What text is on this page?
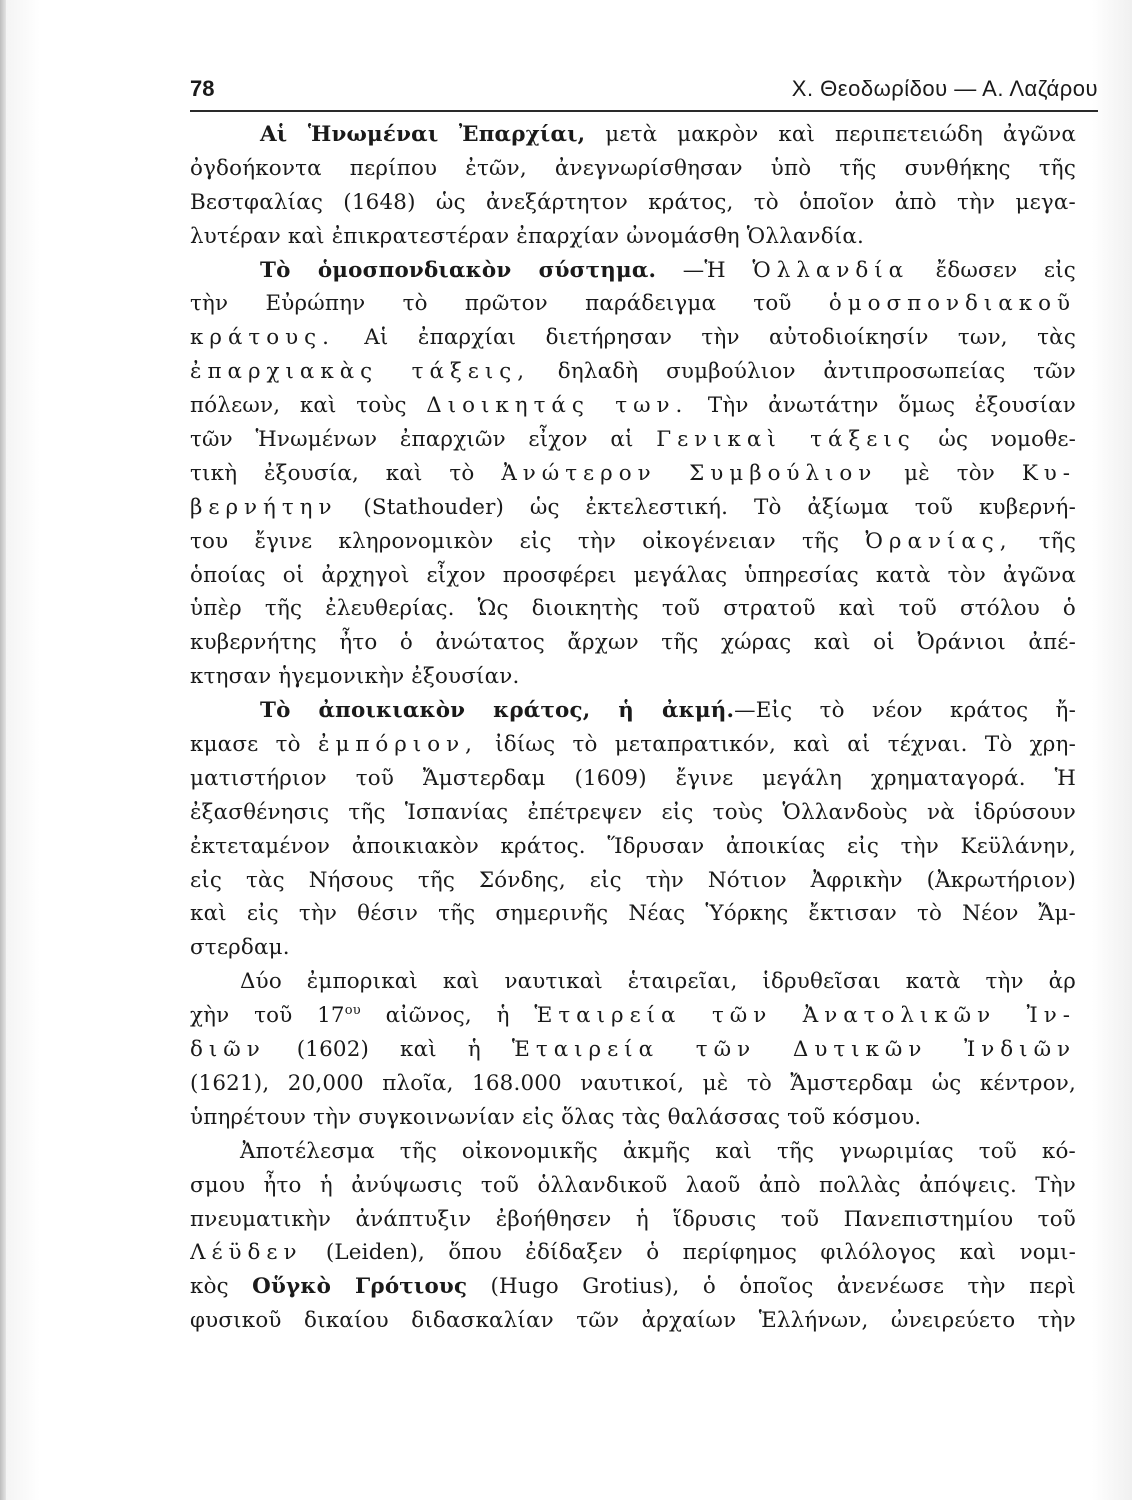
78	Χ. Θεοδωρίδου — Α. Λαζάρου
Αἱ Ἡνωμέναι Ἐπαρχίαι, μετὰ μακρὸν καὶ περιπετειώδη ἀγῶνα
ὀγδοήκοντα περίπου ἐτῶν, ἀνεγνωρίσθησαν ὑπὸ τῆς συνθήκης τῆς
Βεστφαλίας (1648) ὡς ἀνεξάρτητον κράτος, τὸ ὁποῖον ἀπὸ τὴν μεγα-
λυτέραν καὶ ἐπικρατεστέραν ἐπαρχίαν ὠνομάσθη Ὁλλανδία.
Τὸ ὁμοσπονδιακὸν σύστημα. —Ἡ Ὁλλανδία ἔδωσεν εἰς
τὴν Εὐρώπην τὸ πρῶτον παράδειγμα τοῦ ὁμοσπονδιακοῦ
κράτους. Αἱ ἐπαρχίαι διετήρησαν τὴν αὐτοδιοίκησίν των, τὰς
ἐπαρχιακὰς τάξεις, δηλαδὴ συμβούλιον ἀντιπροσωπείας τῶν
πόλεων, καὶ τοὺς Διοικητάς των. Τὴν ἀνωτάτην ὅμως ἐξουσίαν
τῶν Ἡνωμένων ἐπαρχιῶν εἶχον αἱ Γενικαὶ τάξεις ὡς νομοθε-
τικὴ ἐξουσία, καὶ τὸ Ἀνώτερον Συμβούλιον μὲ τὸν Κυ-
βερνήτην (Stathouder) ὡς ἐκτελεστική. Τὸ ἀξίωμα τοῦ κυβερνή-
του ἔγινε κληρονομικὸν εἰς τὴν οἰκογένειαν τῆς Ὀρανίας, τῆς
ὁποίας οἱ ἀρχηγοὶ εἶχον προσφέρει μεγάλας ὑπηρεσίας κατὰ τὸν ἀγῶνα
ὑπὲρ τῆς ἐλευθερίας. Ὡς διοικητὴς τοῦ στρατοῦ καὶ τοῦ στόλου ὁ
κυβερνήτης ἦτο ὁ ἀνώτατος ἄρχων τῆς χώρας καὶ οἱ Ὀράνιοι ἀπέ-
κτησαν ἡγεμονικὴν ἐξουσίαν.
Τὸ ἀποικιακὸν κράτος, ἡ ἀκμή.—Εἰς τὸ νέον κράτος ἤ-
κμασε τὸ ἐμπόριον, ἰδίως τὸ μεταπρατικόν, καὶ αἱ τέχναι. Τὸ χρη-
ματιστήριον τοῦ Ἄμστερδαμ (1609) ἔγινε μεγάλη χρηματαγορά. Ἡ
ἐξασθένησις τῆς Ἱσπανίας ἐπέτρεψεν εἰς τοὺς Ὁλλανδοὺς νὰ ἱδρύσουν
ἐκτεταμένον ἀποικιακὸν κράτος. Ἵδρυσαν ἀποικίας εἰς τὴν Κεϋλάνην,
εἰς τὰς Νήσους τῆς Σόνδης, εἰς τὴν Νότιον Ἀφρικὴν (Ἀκρωτήριον)
καὶ εἰς τὴν θέσιν τῆς σημερινῆς Νέας Ὑόρκης ἔκτισαν τὸ Νέον Ἄμ-
στερδαμ.
Δύο ἐμπορικαὶ καὶ ναυτικαὶ ἑταιρεῖαι, ἱδρυθεῖσαι κατὰ τὴν ἀρ
χὴν τοῦ $17^{o\upsilon}$ αἰῶνος, ἡ Ἑταιρεία τῶν Ἀνατολικῶν Ἰν-
διῶν (1602) καὶ ἡ Ἑταιρεία τῶν Δυτικῶν Ἰνδιῶν
(1621), 20,000 πλοῖα, 168.000 ναυτικοί, μὲ τὸ Ἄμστερδαμ ὡς κέντρον,
ὑπηρέτουν τὴν συγκοινωνίαν εἰς ὅλας τὰς θαλάσσας τοῦ κόσμου.
Ἀποτέλεσμα τῆς οἰκονομικῆς ἀκμῆς καὶ τῆς γνωριμίας τοῦ κό-
σμου ἦτο ἡ ἀνύψωσις τοῦ ὁλλανδικοῦ λαοῦ ἀπὸ πολλὰς ἀπόψεις. Τὴν
πνευματικὴν ἀνάπτυξιν ἐβοήθησεν ἡ ἵδρυσις τοῦ Πανεπιστημίου τοῦ
Λέϋδεν (Leiden), ὅπου ἐδίδαξεν ὁ περίφημος φιλόλογος καὶ νομι-
κὸς Οὕγκὸ Γρότιους (Hugo Grotius), ὁ ὁποῖος ἀνενέωσε τὴν περὶ
φυσικοῦ δικαίου διδασκαλίαν τῶν ἀρχαίων Ἑλλήνων, ὠνειρεύετο τὴν
